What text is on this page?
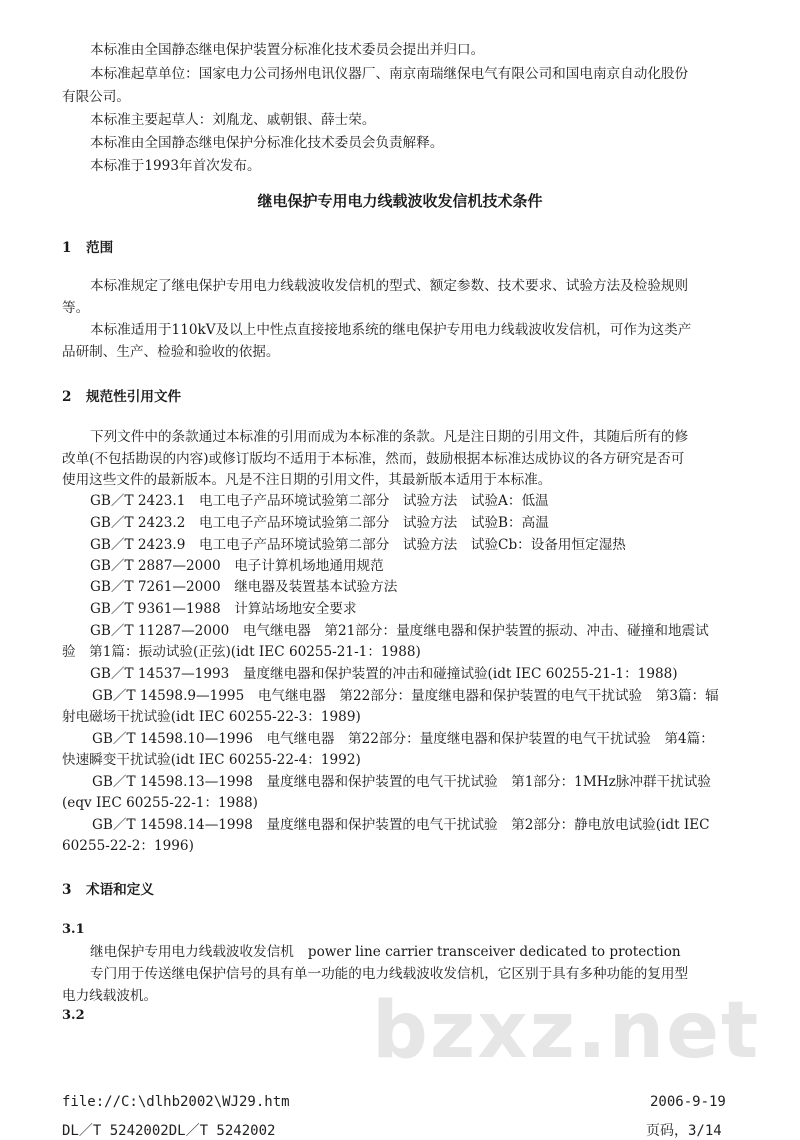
本标准由全国静态继电保护装置分标准化技术委员会提出并归口。
本标准起草单位：国家电力公司扬州电讯仪器厂、南京南瑞继保电气有限公司和国电南京自动化股份
有限公司。
本标准主要起草人：刘胤龙、戚朝银、薛士荣。
本标准由全国静态继电保护分标准化技术委员会负责解释。
本标准于1993年首次发布。
继电保护专用电力线载波收发信机技术条件
1 范围
本标准规定了继电保护专用电力线载波收发信机的型式、额定参数、技术要求、试验方法及检验规则
等。
本标准适用于110kV及以上中性点直接接地系统的继电保护专用电力线载波收发信机，可作为这类产
品研制、生产、检验和验收的依据。
2 规范性引用文件
下列文件中的条款通过本标准的引用而成为本标准的条款。凡是注日期的引用文件，其随后所有的修
改单(不包括勘误的内容)或修订版均不适用于本标准，然而，鼓励根据本标准达成协议的各方研究是否可
使用这些文件的最新版本。凡是不注日期的引用文件，其最新版本适用于本标准。
GB／T 2423.1　电工电子产品环境试验第二部分　试验方法　试验A：低温
GB／T 2423.2　电工电子产品环境试验第二部分　试验方法　试验B：高温
GB／T 2423.9　电工电子产品环境试验第二部分　试验方法　试验Cb：设备用恒定湿热
GB／T 2887—2000　电子计算机场地通用规范
GB／T 7261—2000　继电器及装置基本试验方法
GB／T 9361—1988　计算站场地安全要求
GB／T 11287—2000　电气继电器　第21部分：量度继电器和保护装置的振动、冲击、碰撞和地震试
验　第1篇：振动试验(正弦)(idt IEC 60255-21-1：1988)
GB／T 14537—1993　量度继电器和保护装置的冲击和碰撞试验(idt IEC 60255-21-1：1988)
GB／T 14598.9—1995　电气继电器　第22部分：量度继电器和保护装置的电气干扰试验　第3篇：辐
射电磁场干扰试验(idt IEC 60255-22-3：1989)
GB／T 14598.10—1996　电气继电器　第22部分：量度继电器和保护装置的电气干扰试验　第4篇：
快速瞬变干扰试验(idt IEC 60255-22-4：1992)
GB／T 14598.13—1998　量度继电器和保护装置的电气干扰试验　第1部分：1MHz脉冲群干扰试验
(eqv IEC 60255-22-1：1988)
GB／T 14598.14—1998　量度继电器和保护装置的电气干扰试验　第2部分：静电放电试验(idt IEC
60255-22-2：1996)
3 术语和定义
3.1
继电保护专用电力线载波收发信机 power line carrier transceiver dedicated to protection
专门用于传送继电保护信号的具有单一功能的电力线载波收发信机，它区别于具有多种功能的复用型
电力线载波机。
3.2	bzxz.net
file://C:\dlhb2002\WJ29.htm	2006-9-19
DL／T 5242002DL／T 5242002	页码，3/14
